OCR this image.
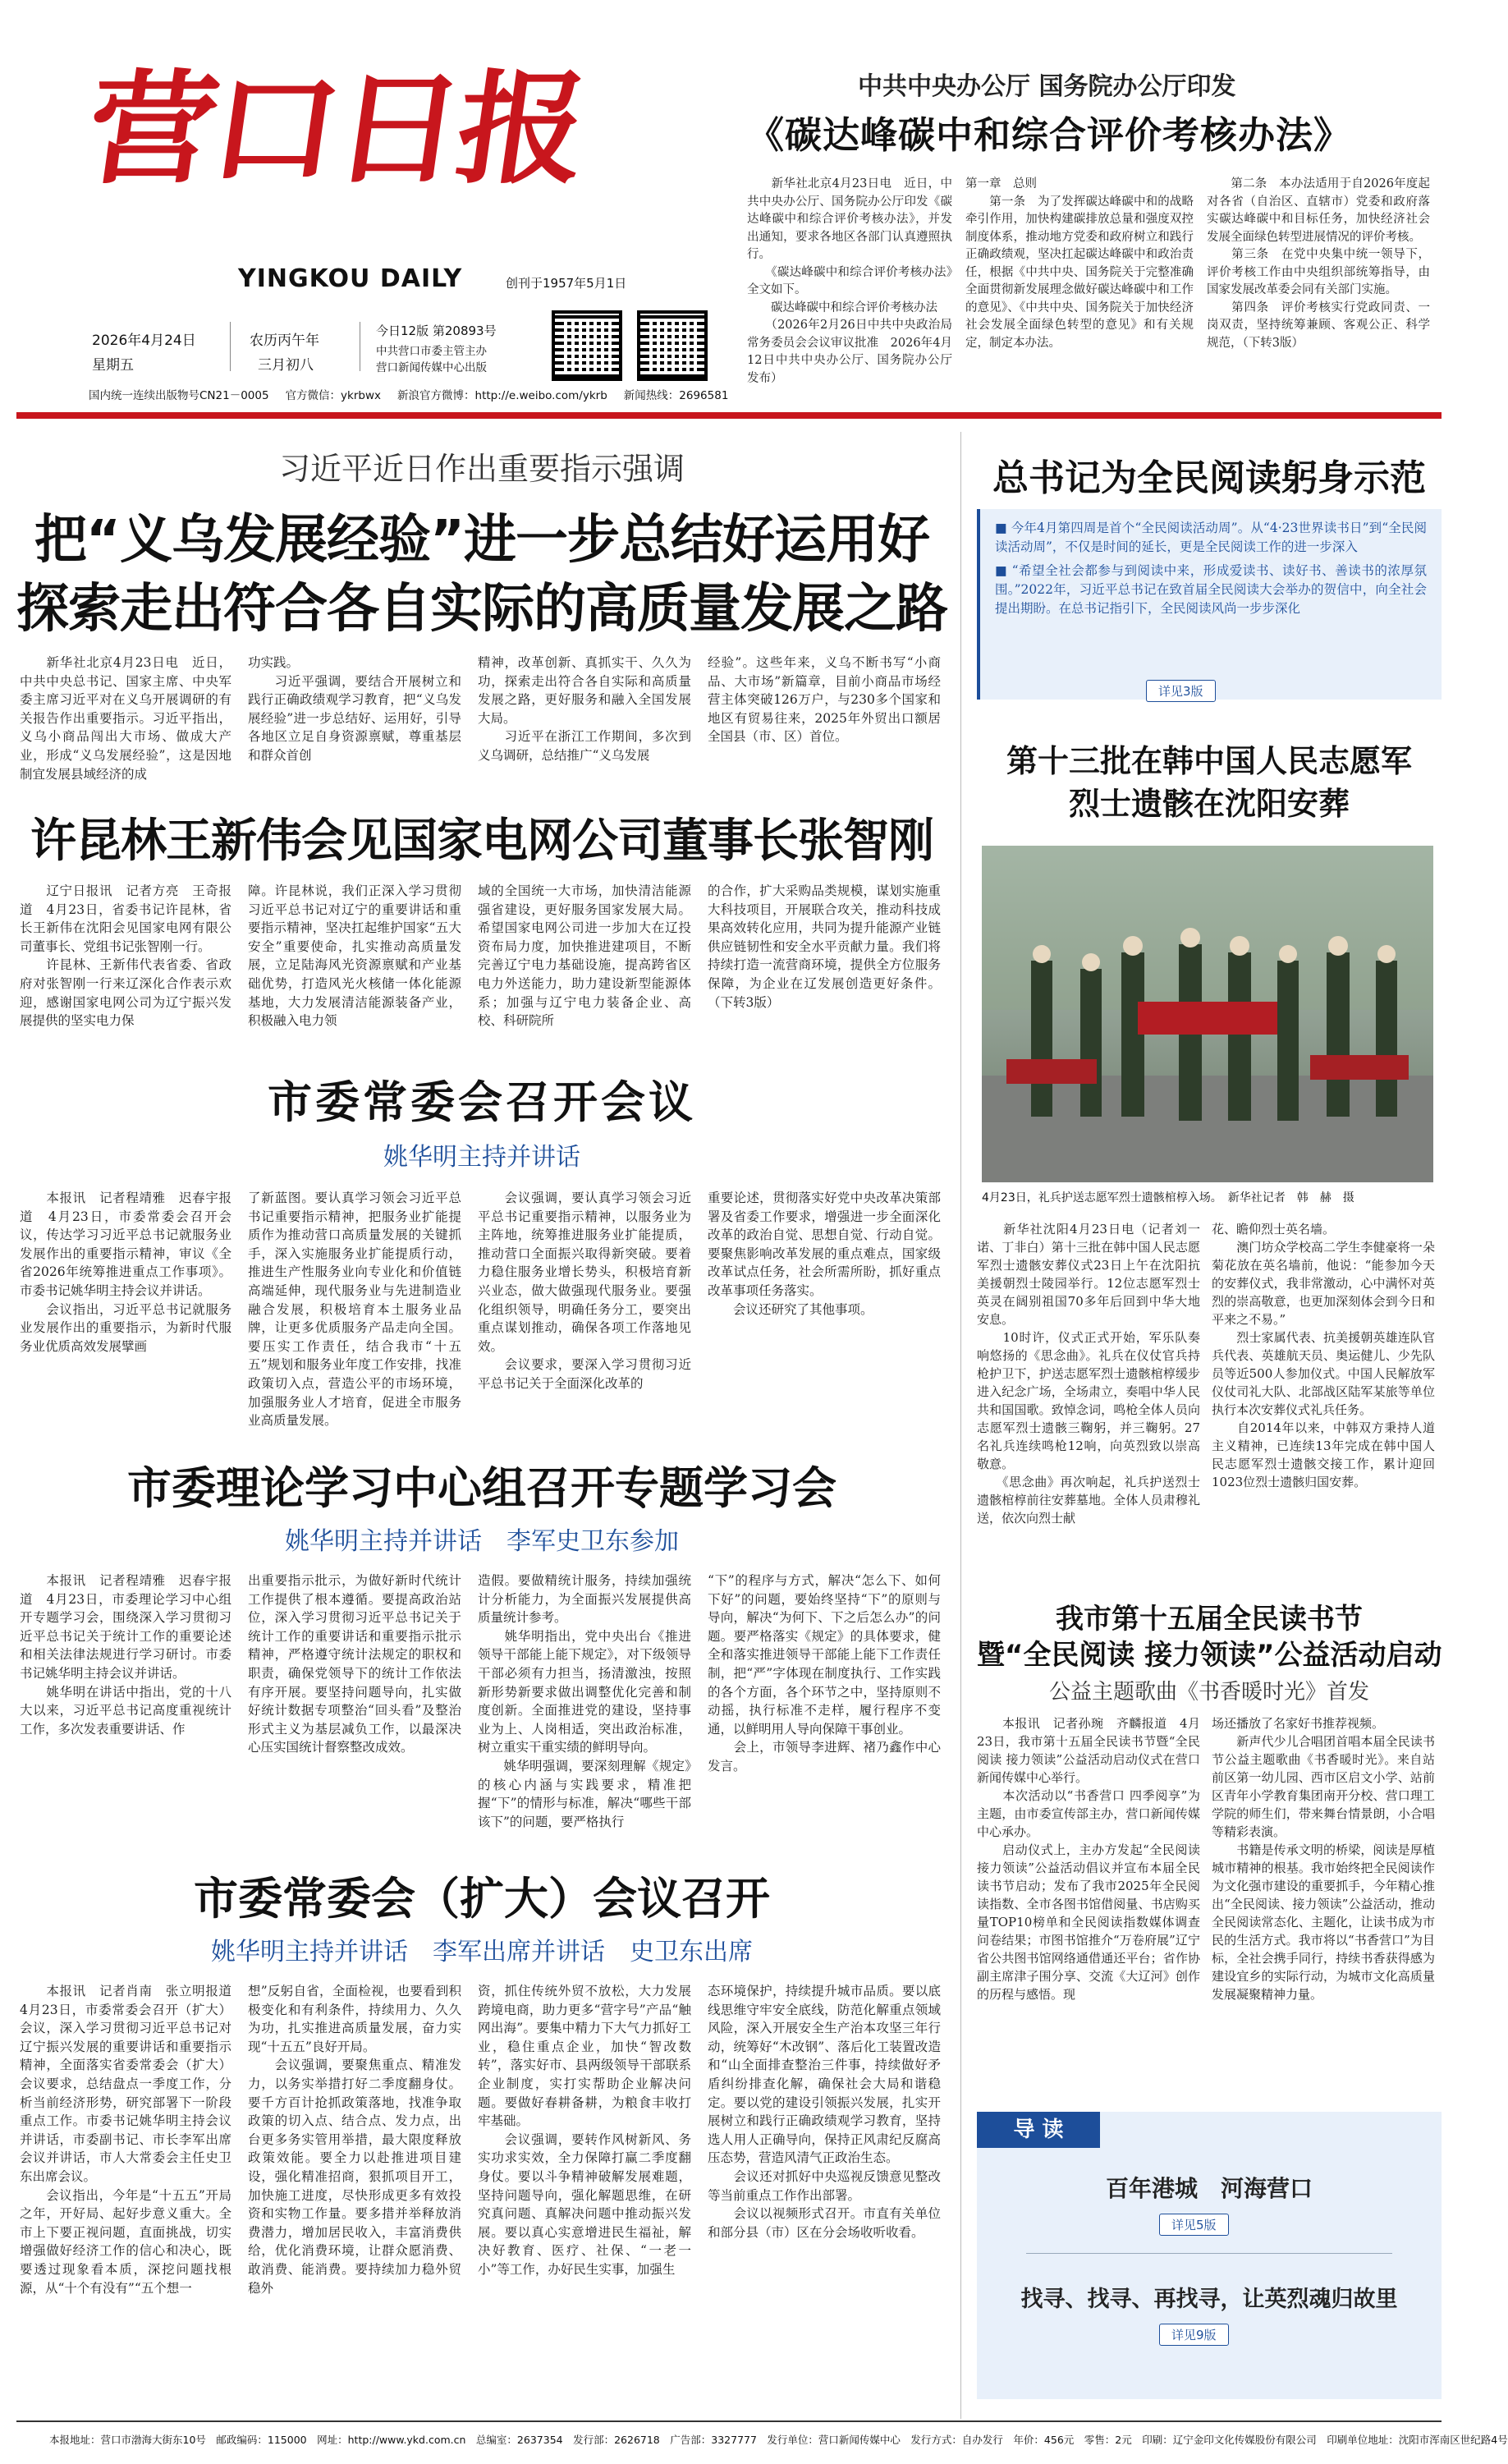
营口日报
YINGKOU DAILY	创刊于1957年5月1日
2026年4月24日
星期五
农历丙午年
三月初八
今日12版 第20893号
中共营口市委主管主办
营口新闻传媒中心出版
国内统一连续出版物号CN21－0005 官方微信：ykrbwx 新浪官方微博：http://e.weibo.com/ykrb 新闻热线：2696581
中共中央办公厅 国务院办公厅印发
《碳达峰碳中和综合评价考核办法》
　　新华社北京4月23日电　近日，中共中央办公厅、国务院办公厅印发《碳达峰碳中和综合评价考核办法》，并发出通知，要求各地区各部门认真遵照执行。
　　《碳达峰碳中和综合评价考核办法》全文如下。
　　碳达峰碳中和综合评价考核办法
　　（2026年2月26日中共中央政治局常务委员会会议审议批准　2026年4月12日中共中央办公厅、国务院办公厅发布）
第一章　总则
　　第一条　为了发挥碳达峰碳中和的战略牵引作用，加快构建碳排放总量和强度双控制度体系，推动地方党委和政府树立和践行正确政绩观，坚决扛起碳达峰碳中和政治责任，根据《中共中央、国务院关于完整准确全面贯彻新发展理念做好碳达峰碳中和工作的意见》、《中共中央、国务院关于加快经济社会发展全面绿色转型的意见》和有关规定，制定本办法。
　　第二条　本办法适用于自2026年度起对各省（自治区、直辖市）党委和政府落实碳达峰碳中和目标任务，加快经济社会发展全面绿色转型进展情况的评价考核。
　　第三条　在党中央集中统一领导下，评价考核工作由中央组织部统筹指导，由国家发展改革委会同有关部门实施。
　　第四条　评价考核实行党政同责、一岗双责，坚持统筹兼顾、客观公正、科学规范，（下转3版）
习近平近日作出重要指示强调
把“义乌发展经验”进一步总结好运用好
探索走出符合各自实际的高质量发展之路
　　新华社北京4月23日电　近日，中共中央总书记、国家主席、中央军委主席习近平对在义乌开展调研的有关报告作出重要指示。习近平指出，义乌小商品闯出大市场、做成大产业，形成“义乌发展经验”，这是因地制宜发展县域经济的成
功实践。
　　习近平强调，要结合开展树立和践行正确政绩观学习教育，把“义乌发展经验”进一步总结好、运用好，引导各地区立足自身资源禀赋，尊重基层和群众首创
精神，改革创新、真抓实干、久久为功，探索走出符合各自实际和高质量发展之路，更好服务和融入全国发展大局。
　　习近平在浙江工作期间，多次到义乌调研，总结推广“义乌发展
经验”。这些年来，义乌不断书写“小商品、大市场”新篇章，目前小商品市场经营主体突破126万户，与230多个国家和地区有贸易往来，2025年外贸出口额居全国县（市、区）首位。
许昆林王新伟会见国家电网公司董事长张智刚
　　辽宁日报讯　记者方亮　王奇报道　4月23日，省委书记许昆林，省长王新伟在沈阳会见国家电网有限公司董事长、党组书记张智刚一行。
　　许昆林、王新伟代表省委、省政府对张智刚一行来辽深化合作表示欢迎，感谢国家电网公司为辽宁振兴发展提供的坚实电力保
障。许昆林说，我们正深入学习贯彻习近平总书记对辽宁的重要讲话和重要指示精神，坚决扛起维护国家“五大安全”重要使命，扎实推动高质量发展，立足陆海风光资源禀赋和产业基础优势，打造风光火核储一体化能源基地，大力发展清洁能源装备产业，积极融入电力领
域的全国统一大市场，加快清洁能源强省建设，更好服务国家发展大局。希望国家电网公司进一步加大在辽投资布局力度，加快推进建项目，不断完善辽宁电力基础设施，提高跨省区电力外送能力，助力建设新型能源体系；加强与辽宁电力装备企业、高校、科研院所
的合作，扩大采购品类规模，谋划实施重大科技项目，开展联合攻关，推动科技成果高效转化应用，共同为提升能源产业链供应链韧性和安全水平贡献力量。我们将持续打造一流营商环境，提供全方位服务保障，为企业在辽发展创造更好条件。（下转3版）
市委常委会召开会议
姚华明主持并讲话
　　本报讯　记者程靖雅　迟春宇报道　4月23日，市委常委会召开会议，传达学习习近平总书记就服务业发展作出的重要指示精神，审议《全省2026年统筹推进重点工作事项》。市委书记姚华明主持会议并讲话。
　　会议指出，习近平总书记就服务业发展作出的重要指示，为新时代服务业优质高效发展擘画
了新蓝图。要认真学习领会习近平总书记重要指示精神，把服务业扩能提质作为推动营口高质量发展的关键抓手，深入实施服务业扩能提质行动，推进生产性服务业向专业化和价值链高端延伸，现代服务业与先进制造业融合发展，积极培育本土服务业品牌，让更多优质服务产品走向全国。要压实工作责任，结合我市“十五五”规划和服务业年度工作安排，找准政策切入点，营造公平的市场环境，加强服务业人才培育，促进全市服务业高质量发展。
　　会议强调，要认真学习领会习近平总书记重要指示精神，以服务业为主阵地，统筹推进服务业扩能提质，推动营口全面振兴取得新突破。要着力稳住服务业增长势头，积极培育新兴业态，做大做强现代服务业。要强化组织领导，明确任务分工，要突出重点谋划推动，确保各项工作落地见效。
　　会议要求，要深入学习贯彻习近平总书记关于全面深化改革的
重要论述，贯彻落实好党中央改革决策部署及省委工作要求，增强进一步全面深化改革的政治自觉、思想自觉、行动自觉。要聚焦影响改革发展的重点难点，国家级改革试点任务，社会所需所盼，抓好重点改革事项任务落实。
　　会议还研究了其他事项。
市委理论学习中心组召开专题学习会
姚华明主持并讲话　李军史卫东参加
　　本报讯　记者程靖雅　迟春宇报道　4月23日，市委理论学习中心组开专题学习会，围绕深入学习贯彻习近平总书记关于统计工作的重要论述和相关法律法规进行学习研讨。市委书记姚华明主持会议并讲话。
　　姚华明在讲话中指出，党的十八大以来，习近平总书记高度重视统计工作，多次发表重要讲话、作
出重要指示批示，为做好新时代统计工作提供了根本遵循。要提高政治站位，深入学习贯彻习近平总书记关于统计工作的重要讲话和重要指示批示精神，严格遵守统计法规定的职权和职责，确保党领导下的统计工作依法有序开展。要坚持问题导向，扎实做好统计数据专项整治“回头看”及整治形式主义为基层减负工作，以最深决心压实国统计督察整改成效。
造假。要做精统计服务，持续加强统计分析能力，为全面振兴发展提供高质量统计参考。
　　姚华明指出，党中央出台《推进领导干部能上能下规定》，对下级领导干部必须有力担当，扬清激浊，按照新形势新要求做出调整优化完善和制度创新。全面推进党的建设，坚持事业为上、人岗相适，突出政治标准，树立重实干重实绩的鲜明导向。
　　姚华明强调，要深刻理解《规定》的核心内涵与实践要求，精准把握“下”的情形与标准，解决“哪些干部该下”的问题，要严格执行
“下”的程序与方式，解决“怎么下、如何下好”的问题，要始终坚持“下”的原则与导向，解决“为何下、下之后怎么办”的问题。要严格落实《规定》的具体要求，健全和落实推进领导干部能上能下工作责任制，把“严”字体现在制度执行、工作实践的各个方面，各个环节之中，坚持原则不动摇，执行标准不走样，履行程序不变通，以鲜明用人导向保障干事创业。
　　会上，市领导李进辉、褚乃鑫作中心发言。
市委常委会（扩大）会议召开
姚华明主持并讲话　李军出席并讲话　史卫东出席
　　本报讯　记者肖南　张立明报道　4月23日，市委常委会召开（扩大）会议，深入学习贯彻习近平总书记对辽宁振兴发展的重要讲话和重要指示精神，全面落实省委常委会（扩大）会议要求，总结盘点一季度工作，分析当前经济形势，研究部署下一阶段重点工作。市委书记姚华明主持会议并讲话，市委副书记、市长李军出席会议并讲话，市人大常委会主任史卫东出席会议。
　　会议指出，今年是“十五五”开局之年，开好局、起好步意义重大。全市上下要正视问题，直面挑战，切实增强做好经济工作的信心和决心，既要透过现象看本质，深挖问题找根源，从“十个有没有”“五个想一
想”反躬自省，全面检视，也要看到积极变化和有利条件，持续用力、久久为功，扎实推进高质量发展，奋力实现“十五五”良好开局。
　　会议强调，要聚焦重点、精准发力，以务实举措打好二季度翻身仗。要千方百计抢抓政策落地，找准争取政策的切入点、结合点、发力点，出台更多务实管用举措，最大限度释放政策效能。要全力以赴推进项目建设，强化精准招商，狠抓项目开工，加快施工进度，尽快形成更多有效投资和实物工作量。要多措并举释放消费潜力，增加居民收入，丰富消费供给，优化消费环境，让群众愿消费、敢消费、能消费。要持续加力稳外贸稳外
资，抓住传统外贸不放松，大力发展跨境电商，助力更多“营字号”产品“触网出海”。要集中精力下大气力抓好工业，稳住重点企业，加快“智改数转”，落实好市、县两级领导干部联系企业制度，实打实帮助企业解决问题。要做好春耕备耕，为粮食丰收打牢基础。
　　会议强调，要转作风树新风、务实功求实效，全力保障打赢二季度翻身仗。要以斗争精神破解发展难题，坚持问题导向，强化解题思维，在研究真问题、真解决问题中推动振兴发展。要以真心实意增进民生福祉，解决好教育、医疗、社保、“一老一小”等工作，办好民生实事，加强生
态环境保护，持续提升城市品质。要以底线思维守牢安全底线，防范化解重点领域风险，深入开展安全生产治本攻坚三年行动，统筹好“木改钢”、落后化工装置改造和“山全面排查整治三件事，持续做好矛盾纠纷排查化解，确保社会大局和谐稳定。要以党的建设引领振兴发展，扎实开展树立和践行正确政绩观学习教育，坚持选人用人正确导向，保持正风肃纪反腐高压态势，营造风清气正政治生态。
　　会议还对抓好中央巡视反馈意见整改等当前重点工作作出部署。
　　会议以视频形式召开。市直有关单位和部分县（市）区在分会场收听收看。
总书记为全民阅读躬身示范
■ 今年4月第四周是首个“全民阅读活动周”。从“4·23世界读书日”到“全民阅读活动周”，不仅是时间的延长，更是全民阅读工作的进一步深入
■ “希望全社会都参与到阅读中来，形成爱读书、读好书、善读书的浓厚氛围。”2022年，习近平总书记在致首届全民阅读大会举办的贺信中，向全社会提出期盼。在总书记指引下，全民阅读风尚一步步深化
详见3版
第十三批在韩中国人民志愿军
烈士遗骸在沈阳安葬
4月23日，礼兵护送志愿军烈士遗骸棺椁入场。　新华社记者　韩　赫　摄
　　新华社沈阳4月23日电（记者刘一诺、丁非白）第十三批在韩中国人民志愿军烈士遗骸安葬仪式23日上午在沈阳抗美援朝烈士陵园举行。12位志愿军烈士英灵在阔别祖国70多年后回到中华大地安息。
　　10时许，仪式正式开始，军乐队奏响悠扬的《思念曲》。礼兵在仪仗官兵持枪护卫下，护送志愿军烈士遗骸棺椁缓步进入纪念广场，全场肃立，奏唱中华人民共和国国歌。致悼念词，鸣枪全体人员向志愿军烈士遗骸三鞠躬，并三鞠躬。27名礼兵连续鸣枪12响，向英烈致以崇高敬意。
　　《思念曲》再次响起，礼兵护送烈士遗骸棺椁前往安葬墓地。全体人员肃穆礼送，依次向烈士献
花、瞻仰烈士英名墙。
　　澳门坊众学校高二学生李健豪将一朵菊花放在英名墙前，他说：“能参加今天的安葬仪式，我非常激动，心中满怀对英烈的崇高敬意，也更加深刻体会到今日和平来之不易。”
　　烈士家属代表、抗美援朝英雄连队官兵代表、英雄航天员、奥运健儿、少先队员等近500人参加仪式。中国人民解放军仪仗司礼大队、北部战区陆军某旅等单位执行本次安葬仪式礼兵任务。
　　自2014年以来，中韩双方秉持人道主义精神，已连续13年完成在韩中国人民志愿军烈士遗骸交接工作，累计迎回1023位烈士遗骸归国安葬。
我市第十五届全民读书节
暨“全民阅读 接力领读”公益活动启动
公益主题歌曲《书香暖时光》首发
　　本报讯　记者孙琬　齐麟报道　4月23日，我市第十五届全民读书节暨“全民阅读 接力领读”公益活动启动仪式在营口新闻传媒中心举行。
　　本次活动以“书香营口 四季阅享”为主题，由市委宣传部主办，营口新闻传媒中心承办。
　　启动仪式上，主办方发起“全民阅读 接力领读”公益活动倡议并宣布本届全民读书节启动；发布了我市2025年全民阅读指数、全市各图书馆借阅量、书店购买量TOP10榜单和全民阅读指数媒体调查问卷结果；市图书馆推介“万卷府展”辽宁省公共图书馆网络通借通还平台；省作协副主席津子围分享、交流《大辽河》创作的历程与感悟。现
场还播放了名家好书推荐视频。
　　新声代少儿合唱团首唱本届全民读书节公益主题歌曲《书香暖时光》。来自站前区第一幼儿园、西市区启文小学、站前区青年小学教育集团南开分校、营口理工学院的师生们，带来舞台情景朗，小合唱等精彩表演。
　　书籍是传承文明的桥梁，阅读是厚植城市精神的根基。我市始终把全民阅读作为文化强市建设的重要抓手，今年精心推出“全民阅读、接力领读”公益活动，推动全民阅读常态化、主题化，让读书成为市民的生活方式。我市将以“书香营口”为目标，全社会携手同行，持续书香获得感为建设宜乡的实际行动，为城市文化高质量发展凝聚精神力量。
导 读
百年港城　河海营口
详见5版
找寻、找寻、再找寻，让英烈魂归故里
详见9版
本报地址：营口市渤海大街东10号　邮政编码：115000　网址：http://www.ykd.com.cn　总编室：2637354　发行部：2626718　广告部：3327777　发行单位：营口新闻传媒中心　发行方式：自办发行　年价：456元　零售：2元　印刷：辽宁金印文化传媒股份有限公司　印刷单位地址：沈阳市浑南区世纪路4号
